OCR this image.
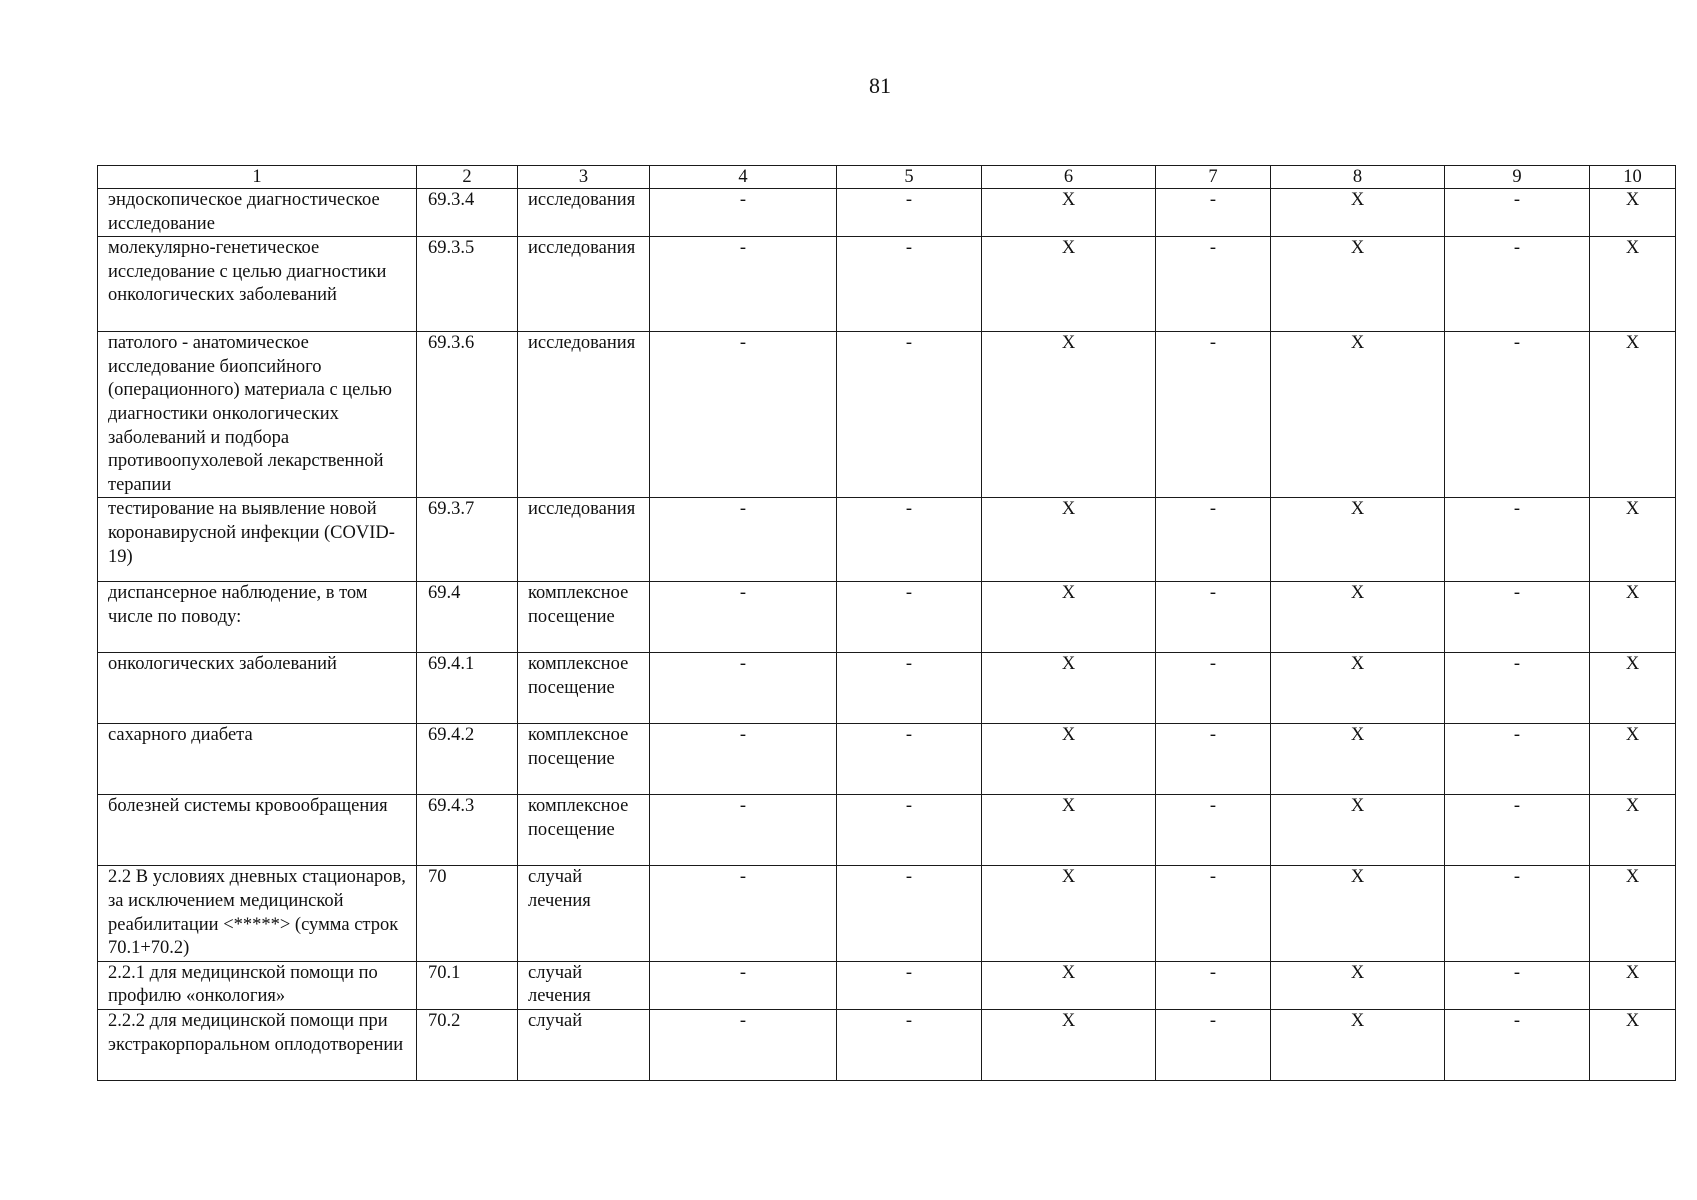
81
1	2	3	4	5	6	7	8	9	10
эндоскопическое диагностическое исследование	69.3.4	исследования	-	-	X	-	X	-	X
молекулярно-генетическое исследование с целью диагностики онкологических заболеваний	69.3.5	исследования	-	-	X	-	X	-	X
патолого - анатомическое исследование биопсийного (операционного) материала с целью диагностики онкологических заболеваний и подбора противоопухолевой лекарственной терапии	69.3.6	исследования	-	-	X	-	X	-	X
тестирование на выявление новой коронавирусной инфекции (COVID-19)	69.3.7	исследования	-	-	X	-	X	-	X
диспансерное наблюдение, в том числе по поводу:	69.4	комплексное посещение	-	-	X	-	X	-	X
онкологических заболеваний	69.4.1	комплексное посещение	-	-	X	-	X	-	X
сахарного диабета	69.4.2	комплексное посещение	-	-	X	-	X	-	X
болезней системы кровообращения	69.4.3	комплексное посещение	-	-	X	-	X	-	X
2.2 В условиях дневных стационаров, за исключением медицинской реабилитации <*****> (сумма строк 70.1+70.2)	70	случай лечения	-	-	X	-	X	-	X
2.2.1 для медицинской помощи по профилю «онкология»	70.1	случай лечения	-	-	X	-	X	-	X
2.2.2 для медицинской помощи при экстракорпоральном оплодотворении	70.2	случай	-	-	X	-	X	-	X
